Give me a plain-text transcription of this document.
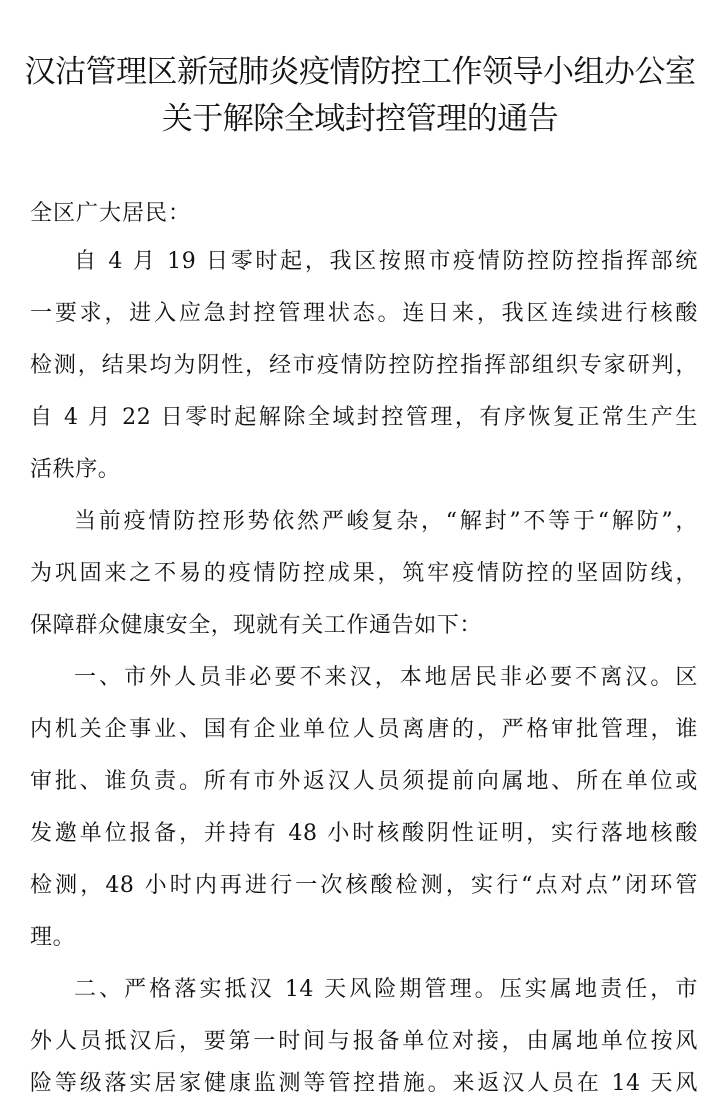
汉沽管理区新冠肺炎疫情防控工作领导小组办公室
关于解除全域封控管理的通告
全区广大居民：
自 4 月 19 日零时起，我区按照市疫情防控防控指挥部统
一要求，进入应急封控管理状态。连日来，我区连续进行核酸
检测，结果均为阴性，经市疫情防控防控指挥部组织专家研判，
自 4 月 22 日零时起解除全域封控管理，有序恢复正常生产生
活秩序。
当前疫情防控形势依然严峻复杂，“解封”不等于“解防”，
为巩固来之不易的疫情防控成果，筑牢疫情防控的坚固防线，
保障群众健康安全，现就有关工作通告如下：
一、市外人员非必要不来汉，本地居民非必要不离汉。区
内机关企事业、国有企业单位人员离唐的，严格审批管理，谁
审批、谁负责。所有市外返汉人员须提前向属地、所在单位或
发邀单位报备，并持有 48 小时核酸阴性证明，实行落地核酸
检测，48 小时内再进行一次核酸检测，实行“点对点”闭环管
理。
二、严格落实抵汉 14 天风险期管理。压实属地责任，市
外人员抵汉后，要第一时间与报备单位对接，由属地单位按风
险等级落实居家健康监测等管控措施。来返汉人员在 14 天风
